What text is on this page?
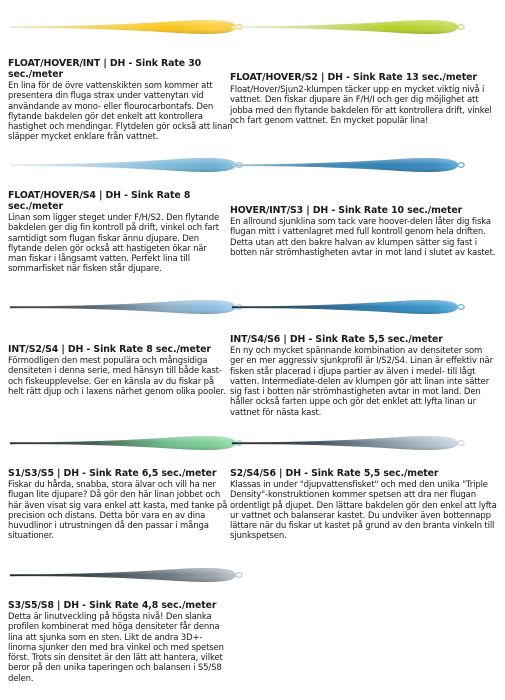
FLOAT/HOVER/INT | DH - Sink Rate 30 sec./meter
En lina för de övre vattenskikten som kommer att presentera din fluga strax under vattenytan vid användande av mono- eller flourocarbontafs. Den flytande bakdelen gör det enkelt att kontrollera hastighet och mendingar. Flytdelen gör också att linan släpper mycket enklare från vattnet.
FLOAT/HOVER/S2 | DH - Sink Rate 13 sec./meter
Float/Hover/Sjun2-klumpen täcker upp en mycket viktig nivå i vattnet. Den fiskar djupare än F/H/I och ger dig möjlighet att jobba med den flytande bakdelen för att kontrollera drift, vinkel och fart genom vattnet. En mycket populär lina!
FLOAT/HOVER/S4 | DH - Sink Rate 8 sec./meter
Linan som ligger steget under F/H/S2. Den flytande bakdelen ger dig fin kontroll på drift, vinkel och fart samtidigt som flugan fiskar ännu djupare. Den flytande delen gör också att hastigeten ökar när man fiskar i långsamt vatten. Perfekt lina till sommarfisket när fisken står djupare.
HOVER/INT/S3 | DH - Sink Rate 10 sec./meter
En allround sjunklina som tack vare hoover-delen låter dig fiska flugan mitt i vattenlagret med full kontroll genom hela driften. Detta utan att den bakre halvan av klumpen sätter sig fast i botten när strömhastigheten avtar in mot land i slutet av kastet.
INT/S2/S4 | DH - Sink Rate 8 sec./meter
Förmodligen den mest populära och mångsidiga densiteten i denna serie, med hänsyn till både kast- och fiskeupplevelse. Ger en känsla av du fiskar på helt rätt djup och i laxens närhet genom olika pooler.
INT/S4/S6 | DH - Sink Rate 5,5 sec./meter
En ny och mycket spännande kombination av densiteter som ger en mer aggressiv sjunkprofil är I/S2/S4. Linan är effektiv när fisken står placerad i djupa partier av älven i medel- till lågt vatten. Intermediate-delen av klumpen gör att linan inte sätter sig fast i botten när strömhastigheten avtar in mot land. Den håller också farten uppe och gör det enklet att lyfta linan ur vattnet för nästa kast.
S1/S3/S5 | DH - Sink Rate 6,5 sec./meter
Fiskar du hårda, snabba, stora älvar och vill ha ner flugan lite djupare? Då gör den här linan jobbet och här även visat sig vara enkel att kasta, med tanke på precision och distans. Detta bör vara en av dina huvudlinor i utrustningen då den passar i många situationer.
S2/S4/S6 | DH - Sink Rate 5,5 sec./meter
Klassas in under "djupvattensfisket" och med den unika "Triple Density"-konstruktionen kommer spetsen att dra ner flugan ordentligt på djupet. Den lättare bakdelen gör den enkel att lyfta ur vattnet och balanserar kastet. Du undviker även bottennapp lättare när du fiskar ut kastet på grund av den branta vinkeln till sjunkspetsen.
S3/S5/S8 | DH - Sink Rate 4,8 sec./meter
Detta är linutveckling på högsta nivå! Den slanka profilen kombinerat med höga densiteter får denna lina att sjunka som en sten. Likt de andra 3D+-linorna sjunker den med bra vinkel och med spetsen först. Trots sin densitet är den lätt att hantera, vilket beror på den unika taperingen och balansen i S5/S8 delen.
